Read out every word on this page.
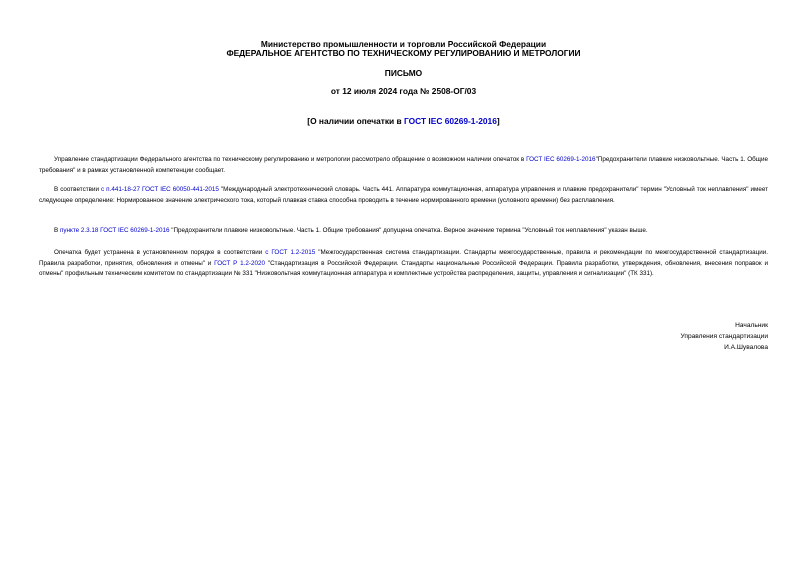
Министерство промышленности и торговли Российской Федерации
ФЕДЕРАЛЬНОЕ АГЕНТСТВО ПО ТЕХНИЧЕСКОМУ РЕГУЛИРОВАНИЮ И МЕТРОЛОГИИ
ПИСЬМО
от 12 июля 2024 года № 2508-ОГ/03
[О наличии опечатки в ГОСТ IEC 60269-1-2016]
Управление стандартизации Федерального агентства по техническому регулированию и метрологии рассмотрело обращение о возможном наличии опечаток в ГОСТ IEC 60269-1-2016"Предохранители плавкие низковольтные. Часть 1. Общие требования" и в рамках установленной компетенции сообщает.
В соответствии с п.441-18-27 ГОСТ IEC 60050-441-2015 "Международный электротехнический словарь. Часть 441. Аппаратура коммутационная, аппаратура управления и плавкие предохранители" термин "Условный ток неплавления" имеет следующее определение: Нормированное значение электрического тока, который плавкая ставка способна проводить в течение нормированного времени (условного времени) без расплавления.
В пункте 2.3.18 ГОСТ IEC 60269-1-2016 "Предохранители плавкие низковольтные. Часть 1. Общие требования" допущена опечатка. Верное значение термина "Условный ток неплавления" указан выше.
Опечатка будет устранена в установленном порядке в соответствии с ГОСТ 1.2-2015 "Межгосударственная система стандартизации. Стандарты межгосударственные, правила и рекомендации по межгосударственной стандартизации. Правила разработки, принятия, обновления и отмены" и ГОСТ Р 1.2-2020 "Стандартизация в Российской Федерации. Стандарты национальные Российской Федерации. Правила разработки, утверждения, обновления, внесения поправок и отмены" профильным техническим комитетом по стандартизации № 331 "Низковольтная коммутационная аппаратура и комплектные устройства распределения, защиты, управления и сигнализации" (ТК 331).
Начальник
Управления стандартизации
И.А.Шувалова
